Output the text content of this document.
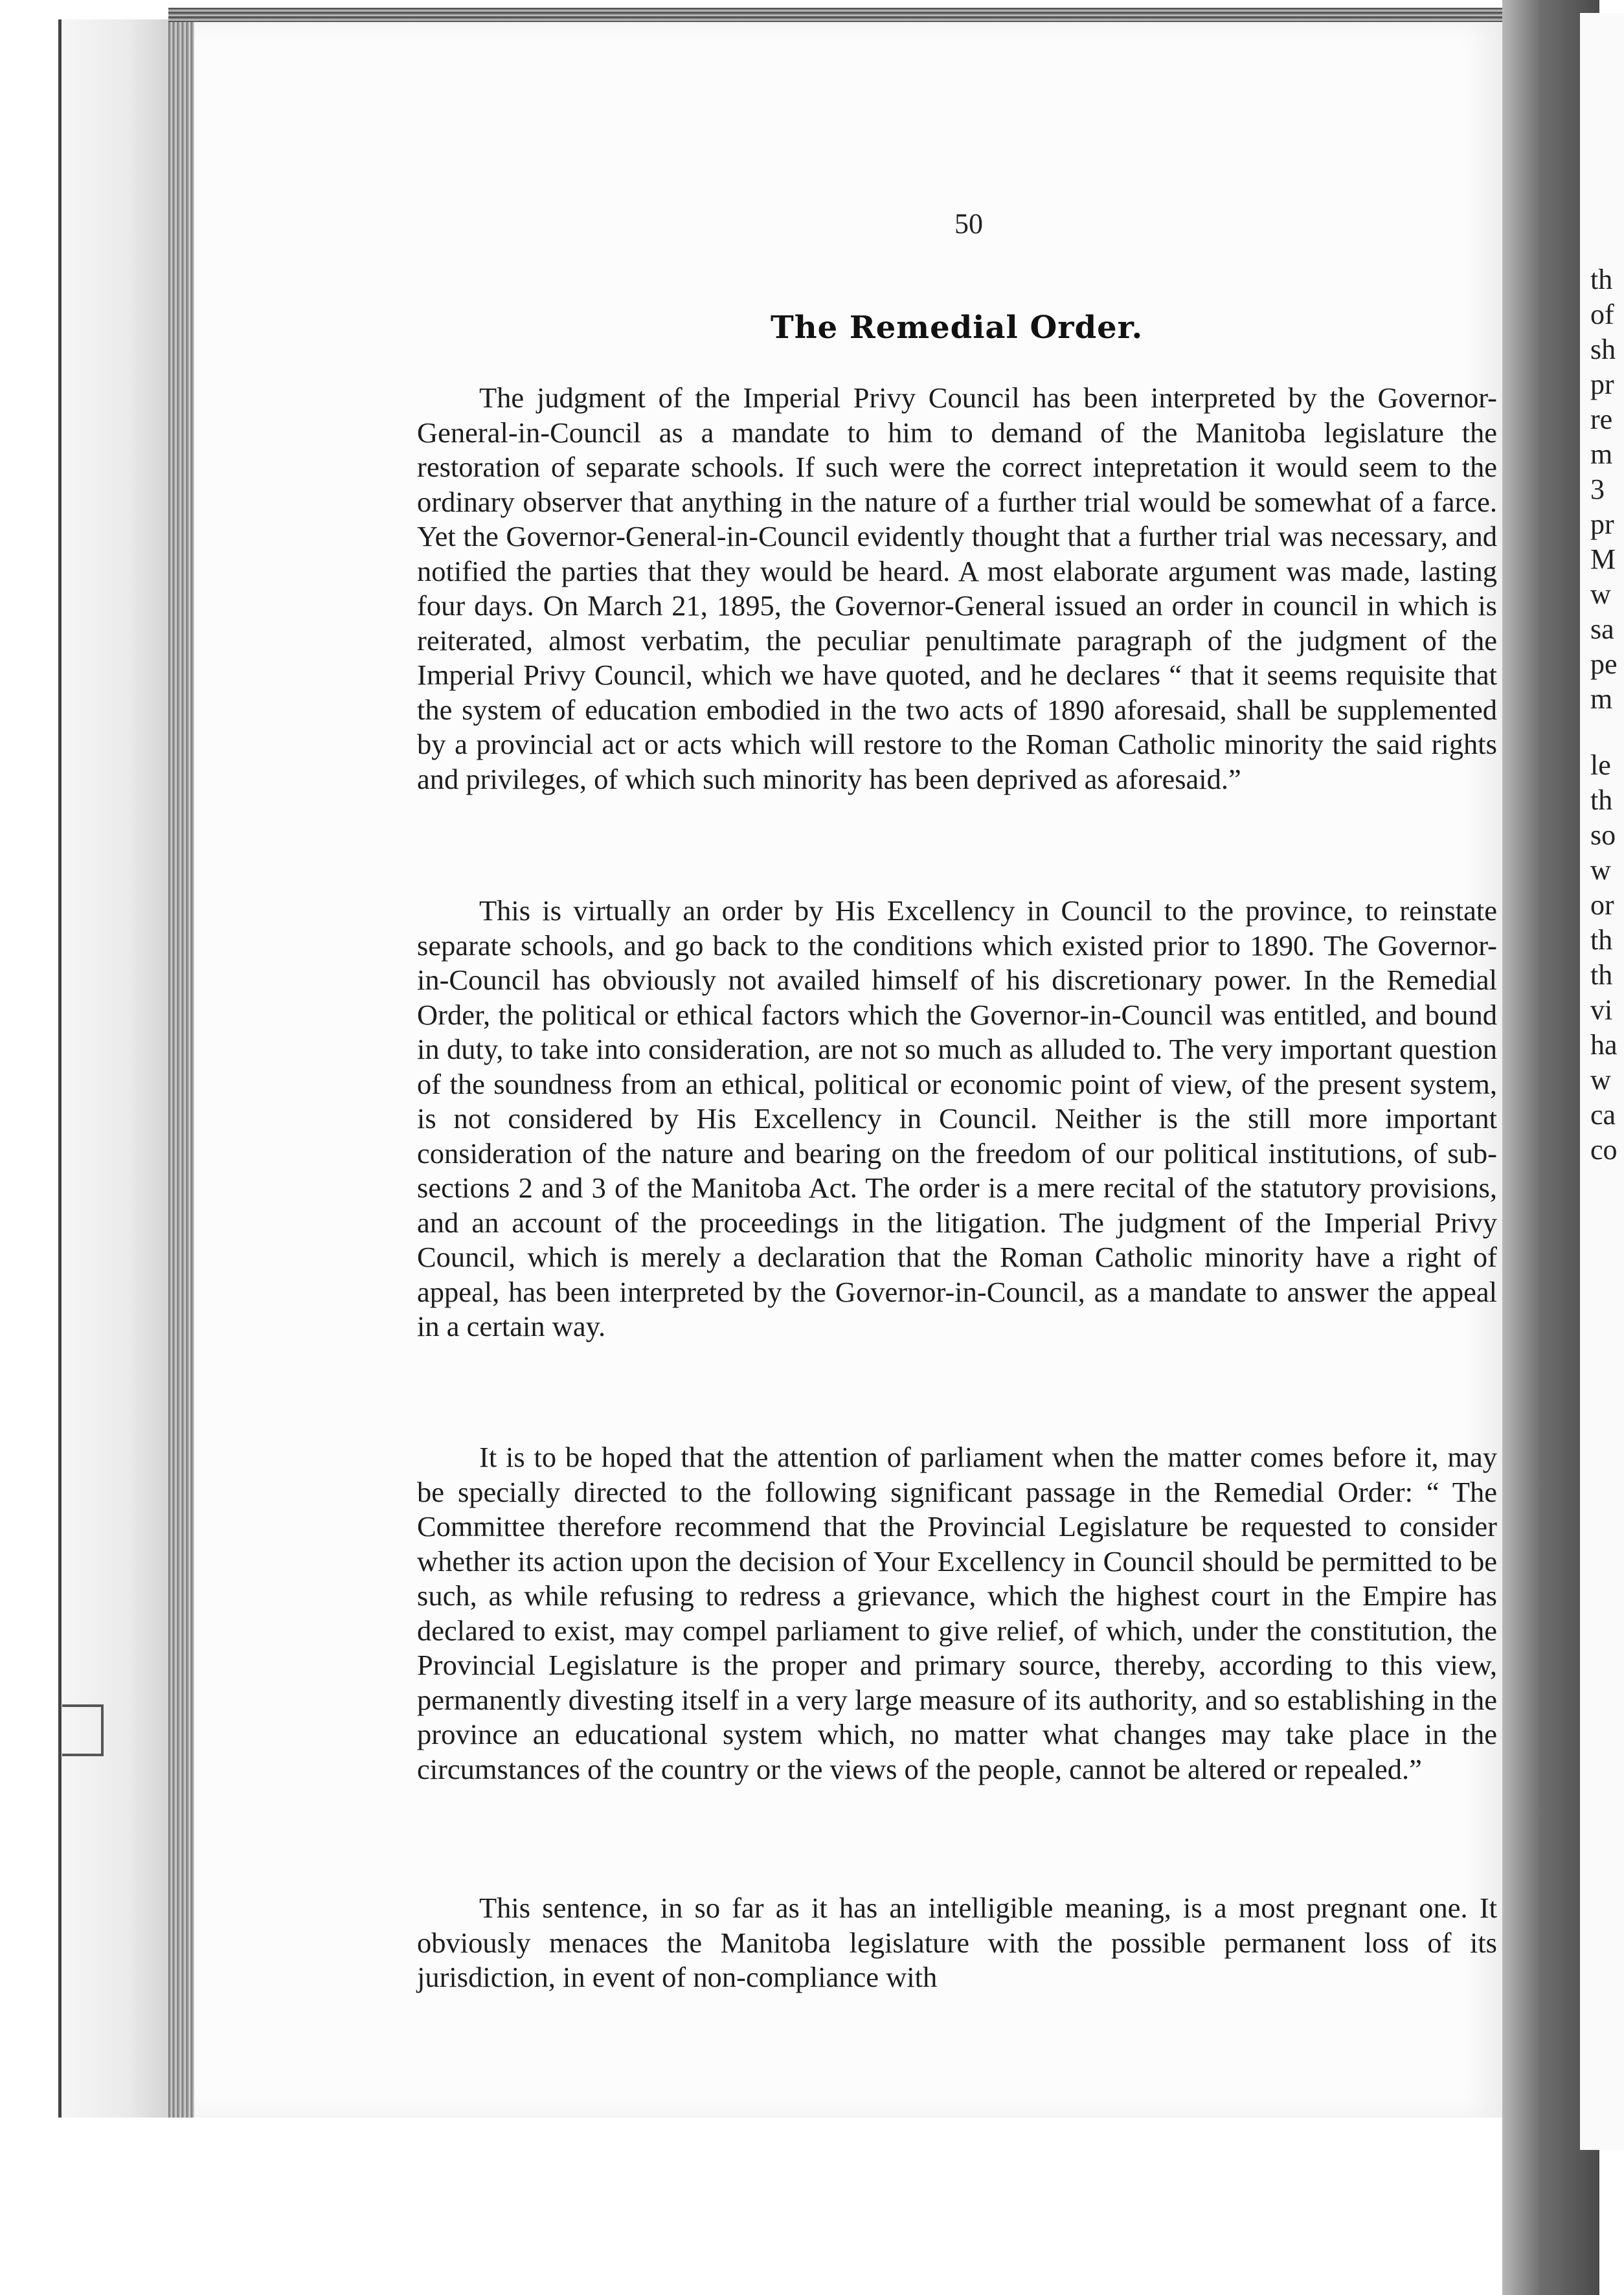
th
of
sh
pr
re
m
3
pr
M
w
sa
pe
m
le
th
so
w
or
th
th
vi
ha
w
ca
co
50
The Remedial Order.

The judgment of the Imperial Privy Council has been interpreted by the Governor-General-in-Council as a mandate to him to demand of the Manitoba legislature the restoration of separate schools. If such were the correct intepretation it would seem to the ordinary observer that anything in the nature of a further trial would be somewhat of a farce. Yet the Governor-General-in-Council evidently thought that a further trial was necessary, and notified the parties that they would be heard. A most elaborate argument was made, lasting four days. On March 21, 1895, the Governor-General issued an order in council in which is reiterated, almost verbatim, the peculiar penultimate paragraph of the judgment of the Imperial Privy Council, which we have quoted, and he declares “ that it seems requisite that the system of education embodied in the two acts of 1890 aforesaid, shall be supplemented by a provincial act or acts which will restore to the Roman Catholic minority the said rights and privileges, of which such minority has been deprived as aforesaid.”

This is virtually an order by His Excellency in Council to the province, to reinstate separate schools, and go back to the conditions which existed prior to 1890. The Governor-in-Council has obviously not availed himself of his discretionary power. In the Remedial Order, the political or ethical factors which the Governor-in-Council was entitled, and bound in duty, to take into consideration, are not so much as alluded to. The very important question of the soundness from an ethical, political or economic point of view, of the present system, is not considered by His Excellency in Council. Neither is the still more important consideration of the nature and bearing on the freedom of our political institutions, of sub-sections 2 and 3 of the Manitoba Act. The order is a mere recital of the statutory provisions, and an account of the proceedings in the litigation. The judgment of the Imperial Privy Council, which is merely a declaration that the Roman Catholic minority have a right of appeal, has been interpreted by the Governor-in-Council, as a mandate to answer the appeal in a certain way.

It is to be hoped that the attention of parliament when the matter comes before it, may be specially directed to the following significant passage in the Remedial Order: “ The Committee therefore recommend that the Provincial Legislature be requested to consider whether its action upon the decision of Your Excellency in Council should be permitted to be such, as while refusing to redress a grievance, which the highest court in the Empire has declared to exist, may compel parliament to give relief, of which, under the constitution, the Provincial Legislature is the proper and primary source, thereby, according to this view, permanently divesting itself in a very large measure of its authority, and so establishing in the province an educational system which, no matter what changes may take place in the circumstances of the country or the views of the people, cannot be altered or repealed.”

This sentence, in so far as it has an intelligible meaning, is a most pregnant one. It obviously menaces the Manitoba legislature with the possible permanent loss of its jurisdiction, in event of non-compliance with
